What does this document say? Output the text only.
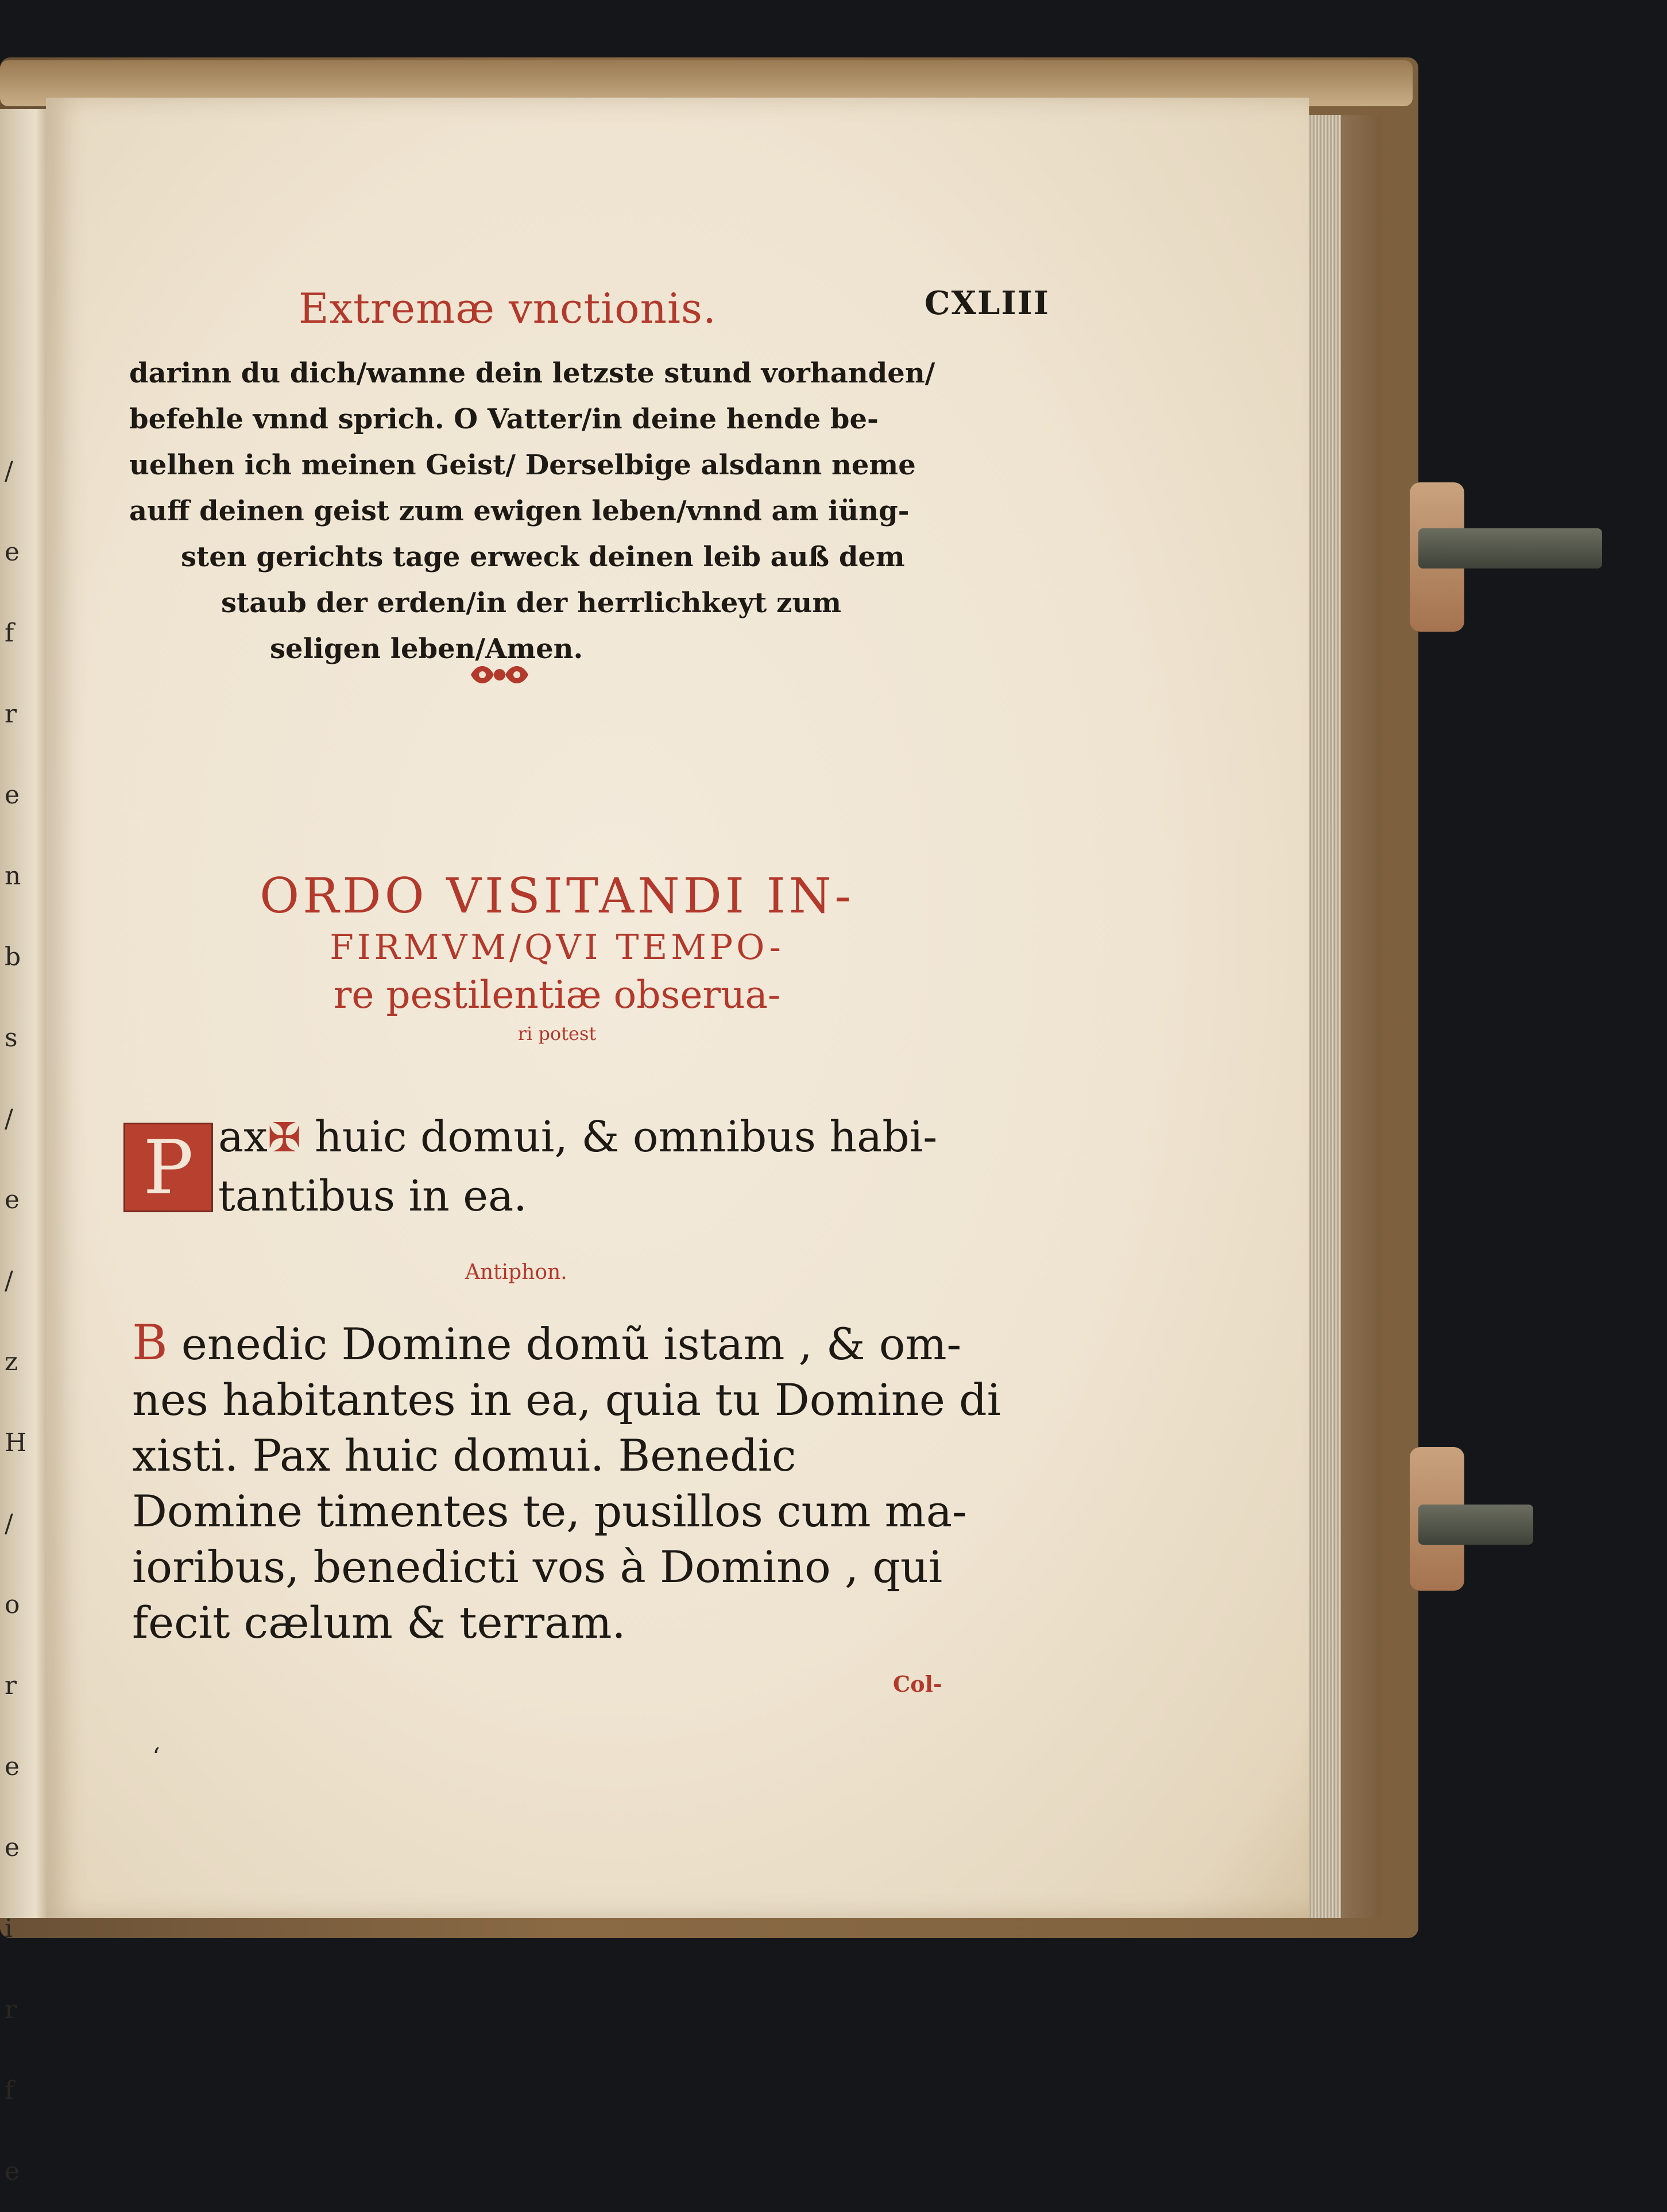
/
e
f
r
e
n
b
s
/
e
/
z
H
/
o
r
e
e
i
r
f
e
Extremæ vnctionis.	CXLIII
darinn du dich/wanne dein letzste stund vorhanden/
befehle vnnd sprich. O Vatter/in deine hende be-
uelhen ich meinen Geist/ Derselbige alsdann neme
auff deinen geist zum ewigen leben/vnnd am iüng-
sten gerichts tage erweck deinen leib auß dem
staub der erden/in der herrlichkeyt zum
seligen leben/Amen.
ORDO VISITANDI IN-
FIRMVM/QVI TEMPO-
re pestilentiæ obserua-
ri potest
P ax✠ huic domui, & omnibus habi-
tantibus in ea.
Antiphon.
B enedic Domine domũ istam , & om-
nes habitantes in ea, quia tu Domine di
xisti. Pax huic domui. Benedic
Domine timentes te, pusillos cum ma-
ioribus, benedicti vos à Domino , qui
fecit cælum & terram.
Col-
‘
